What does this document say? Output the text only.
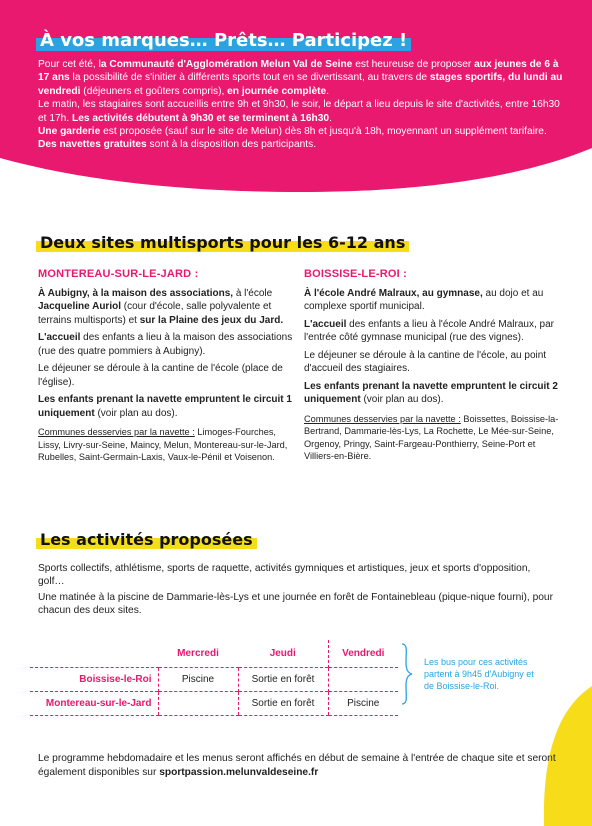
À vos marques… Prêts… Participez !

Pour cet été, la Communauté d'Agglomération Melun Val de Seine est heureuse de proposer aux jeunes de 6 à 17 ans la possibilité de s'initier à différents sports tout en se divertissant, au travers de stages sportifs, du lundi au vendredi (déjeuners et goûters compris), en journée complète.

Le matin, les stagiaires sont accueillis entre 9h et 9h30, le soir, le départ a lieu depuis le site d'activités, entre 16h30 et 17h. Les activités débutent à 9h30 et se terminent à 16h30.

Une garderie est proposée (sauf sur le site de Melun) dès 8h et jusqu'à 18h, moyennant un supplément tarifaire.

Des navettes gratuites sont à la disposition des participants.

Deux sites multisports pour les 6-12 ans
MONTEREAU-SUR-LE-JARD :

À Aubigny, à la maison des associations, à l'école Jacqueline Auriol (cour d'école, salle polyvalente et terrains multisports) et sur la Plaine des jeux du Jard.

L'accueil des enfants a lieu à la maison des associations (rue des quatre pommiers à Aubigny).

Le déjeuner se déroule à la cantine de l'école (place de l'église).

Les enfants prenant la navette empruntent le circuit 1 uniquement (voir plan au dos).

Communes desservies par la navette : Limoges-Fourches, Lissy, Livry-sur-Seine, Maincy, Melun, Montereau-sur-le-Jard, Rubelles, Saint-Germain-Laxis, Vaux-le-Pénil et Voisenon.

BOISSISE-LE-ROI :

À l'école André Malraux, au gymnase, au dojo et au complexe sportif municipal.

L'accueil des enfants a lieu à l'école André Malraux, par l'entrée côté gymnase municipal (rue des vignes).

Le déjeuner se déroule à la cantine de l'école, au point d'accueil des stagiaires.

Les enfants prenant la navette empruntent le circuit 2 uniquement (voir plan au dos).

Communes desservies par la navette : Boissettes, Boissise-la-Bertrand, Dammarie-lès-Lys, La Rochette, Le Mée-sur-Seine, Orgenoy, Pringy, Saint-Fargeau-Ponthierry, Seine-Port et Villiers-en-Bière.

Les activités proposées

Sports collectifs, athlétisme, sports de raquette, activités gymniques et artistiques, jeux et sports d'opposition, golf…

Une matinée à la piscine de Dammarie-lès-Lys et une journée en forêt de Fontainebleau (pique-nique fourni), pour chacun des deux sites.

	Mercredi	Jeudi	Vendredi
Boissise-le-Roi	Piscine	Sortie en forêt	
Montereau-sur-le-Jard		Sortie en forêt	Piscine
Les bus pour ces activités partent à 9h45 d'Aubigny et de Boissise-le-Roi.
Le programme hebdomadaire et les menus seront affichés en début de semaine à l'entrée de chaque site et seront également disponibles sur sportpassion.melunvaldeseine.fr
